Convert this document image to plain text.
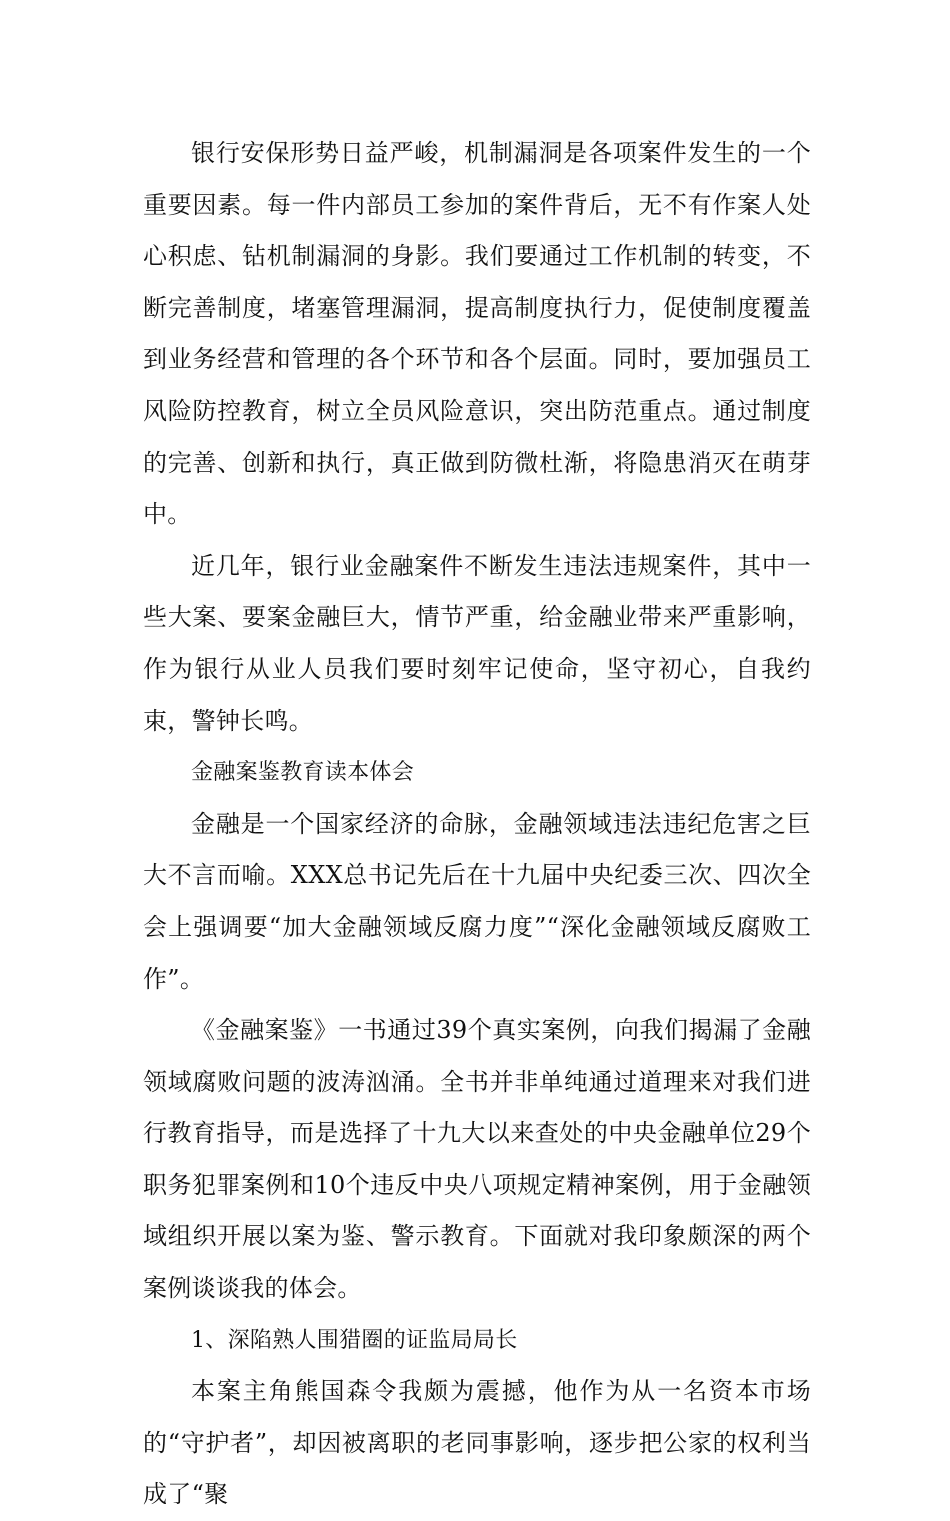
银行安保形势日益严峻，机制漏洞是各项案件发生的一个重要因素。每一件内部员工参加的案件背后，无不有作案人处心积虑、钻机制漏洞的身影。我们要通过工作机制的转变，不断完善制度，堵塞管理漏洞，提高制度执行力，促使制度覆盖到业务经营和管理的各个环节和各个层面。同时，要加强员工风险防控教育，树立全员风险意识，突出防范重点。通过制度的完善、创新和执行，真正做到防微杜渐，将隐患消灭在萌芽中。

近几年，银行业金融案件不断发生违法违规案件，其中一些大案、要案金融巨大，情节严重，给金融业带来严重影响，作为银行从业人员我们要时刻牢记使命，坚守初心，自我约束，警钟长鸣。

金融案鉴教育读本体会

金融是一个国家经济的命脉，金融领域违法违纪危害之巨大不言而喻。XXX总书记先后在十九届中央纪委三次、四次全会上强调要“加大金融领域反腐力度”“深化金融领域反腐败工作”。

《金融案鉴》一书通过39个真实案例，向我们揭漏了金融领域腐败问题的波涛汹涌。全书并非单纯通过道理来对我们进行教育指导，而是选择了十九大以来查处的中央金融单位29个职务犯罪案例和10个违反中央八项规定精神案例，用于金融领域组织开展以案为鉴、警示教育。下面就对我印象颇深的两个案例谈谈我的体会。

1、深陷熟人围猎圈的证监局局长

本案主角熊国森令我颇为震撼，他作为从一名资本市场的“守护者”，却因被离职的老同事影响，逐步把公家的权利当成了“聚
